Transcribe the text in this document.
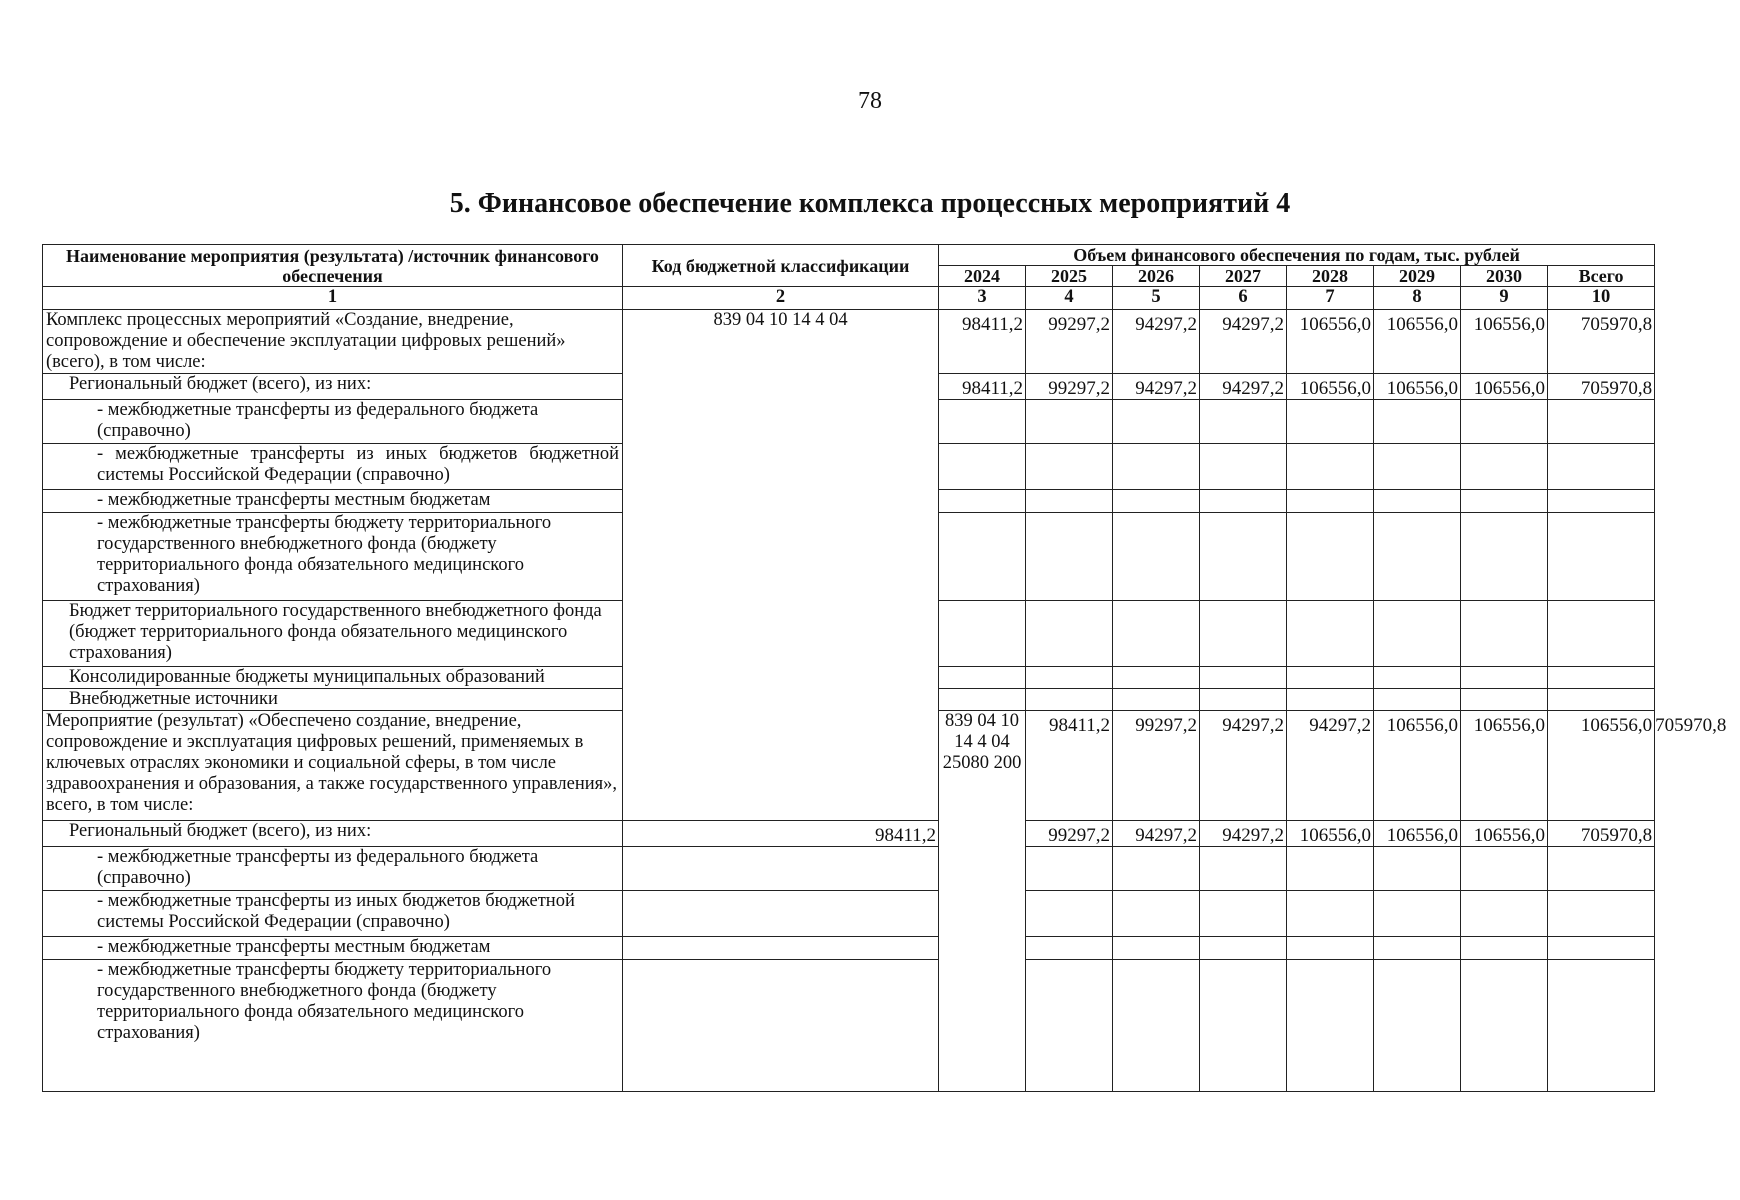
78
5. Финансовое обеспечение комплекса процессных мероприятий 4
Наименование мероприятия (результата) /источник финансового обеспечения	Код бюджетной классификации	Объем финансового обеспечения по годам, тыс. рублей								
		2024	2025	2026	2027	2028	2029	2030	Всего	
1	2	3	4	5	6	7	8	9	10	
Комплекс процессных мероприятий «Создание, внедрение, сопровождение и обеспечение эксплуатации цифровых решений» (всего), в том числе:	839 04 10 14 4 04	98411,2	99297,2	94297,2	94297,2	106556,0	106556,0	106556,0	705970,8	
Региональный бюджет (всего), из них:		98411,2	99297,2	94297,2	94297,2	106556,0	106556,0	106556,0	705970,8	
- межбюджетные трансферты из федерального бюджета (справочно)										
- межбюджетные трансферты из иных бюджетов бюджетной системы Российской Федерации (справочно)										
- межбюджетные трансферты местным бюджетам										
- межбюджетные трансферты бюджету территориального государственного внебюджетного фонда (бюджету территориального фонда обязательного медицинского страхования)										
Бюджет территориального государственного внебюджетного фонда (бюджет территориального фонда обязательного медицинского страхования)										
Консолидированные бюджеты муниципальных образований										
Внебюджетные источники										
Мероприятие (результат) «Обеспечено создание, внедрение, сопровождение и эксплуатация цифровых решений, применяемых в ключевых отраслях экономики и социальной сферы, в том числе здравоохранения и образования, а также государственного управления», всего, в том числе:		839 04 10 14 4 04 25080 200	98411,2	99297,2	94297,2	94297,2	106556,0	106556,0	106556,0	705970,8
Региональный бюджет (всего), из них:	98411,2		99297,2	94297,2	94297,2	106556,0	106556,0	106556,0	705970,8	
- межбюджетные трансферты из федерального бюджета (справочно)										
- межбюджетные трансферты из иных бюджетов бюджетной системы Российской Федерации (справочно)										
- межбюджетные трансферты местным бюджетам										
- межбюджетные трансферты бюджету территориального государственного внебюджетного фонда (бюджету территориального фонда обязательного медицинского страхования)										
